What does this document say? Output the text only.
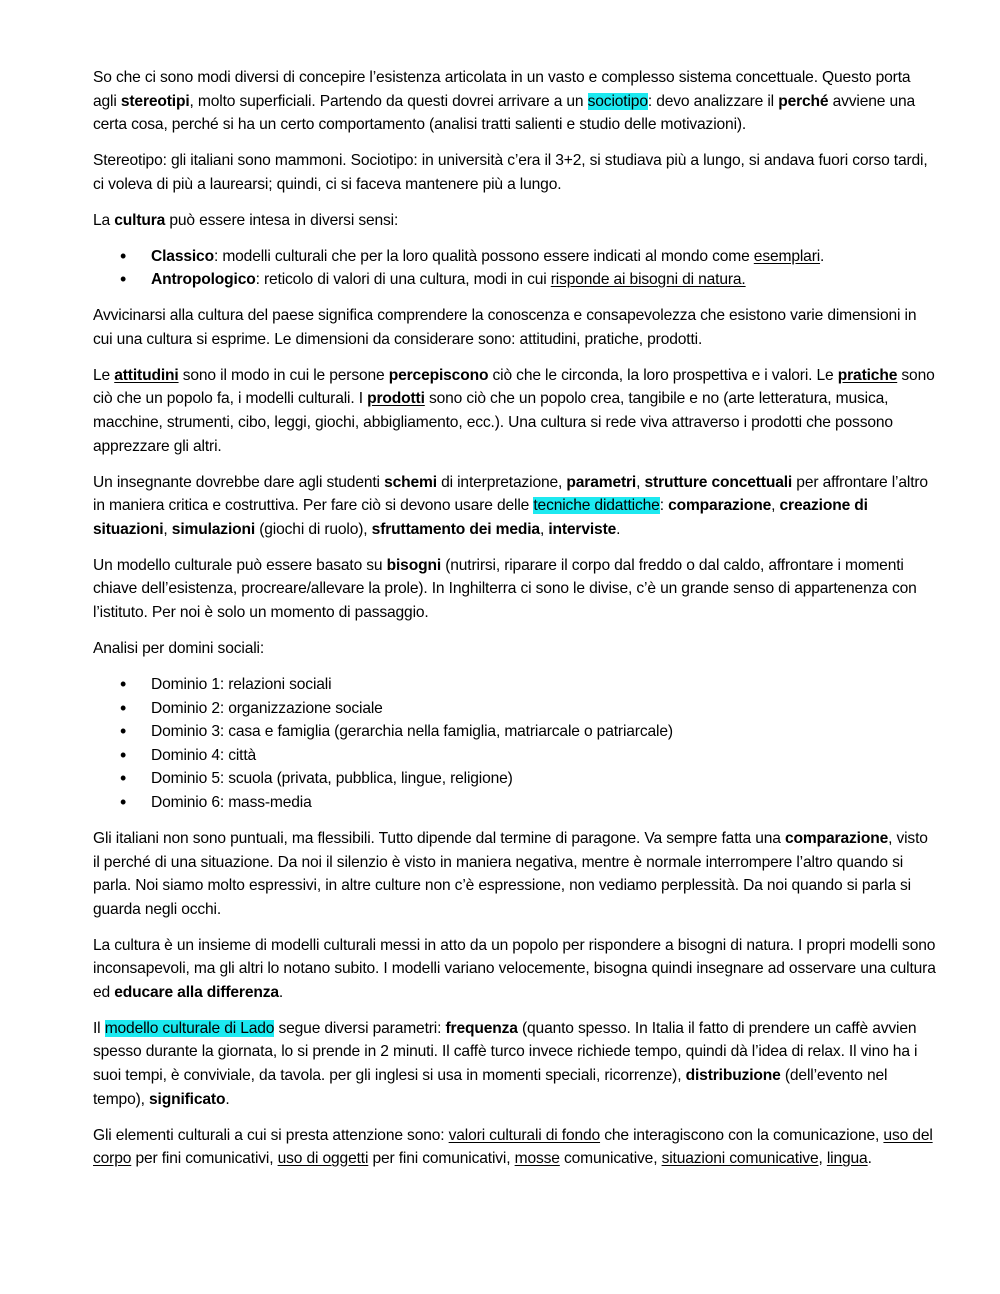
So che ci sono modi diversi di concepire l’esistenza articolata in un vasto e complesso sistema concettuale. Questo porta agli stereotipi, molto superficiali. Partendo da questi dovrei arrivare a un sociotipo: devo analizzare il perché avviene una certa cosa, perché si ha un certo comportamento (analisi tratti salienti e studio delle motivazioni).

Stereotipo: gli italiani sono mammoni. Sociotipo: in università c’era il 3+2, si studiava più a lungo, si andava fuori corso tardi, ci voleva di più a laurearsi; quindi, ci si faceva mantenere più a lungo.

La cultura può essere intesa in diversi sensi:

• Classico: modelli culturali che per la loro qualità possono essere indicati al mondo come esemplari.
• Antropologico: reticolo di valori di una cultura, modi in cui risponde ai bisogni di natura.

Avvicinarsi alla cultura del paese significa comprendere la conoscenza e consapevolezza che esistono varie dimensioni in cui una cultura si esprime. Le dimensioni da considerare sono: attitudini, pratiche, prodotti.

Le attitudini sono il modo in cui le persone percepiscono ciò che le circonda, la loro prospettiva e i valori. Le pratiche sono ciò che un popolo fa, i modelli culturali. I prodotti sono ciò che un popolo crea, tangibile e no (arte letteratura, musica, macchine, strumenti, cibo, leggi, giochi, abbigliamento, ecc.). Una cultura si rede viva attraverso i prodotti che possono apprezzare gli altri.

Un insegnante dovrebbe dare agli studenti schemi di interpretazione, parametri, strutture concettuali per affrontare l’altro in maniera critica e costruttiva. Per fare ciò si devono usare delle tecniche didattiche: comparazione, creazione di situazioni, simulazioni (giochi di ruolo), sfruttamento dei media, interviste.

Un modello culturale può essere basato su bisogni (nutrirsi, riparare il corpo dal freddo o dal caldo, affrontare i momenti chiave dell’esistenza, procreare/allevare la prole). In Inghilterra ci sono le divise, c’è un grande senso di appartenenza con l’istituto. Per noi è solo un momento di passaggio.

Analisi per domini sociali:

• Dominio 1: relazioni sociali
• Dominio 2: organizzazione sociale
• Dominio 3: casa e famiglia (gerarchia nella famiglia, matriarcale o patriarcale)
• Dominio 4: città
• Dominio 5: scuola (privata, pubblica, lingue, religione)
• Dominio 6: mass-media

Gli italiani non sono puntuali, ma flessibili. Tutto dipende dal termine di paragone. Va sempre fatta una comparazione, visto il perché di una situazione. Da noi il silenzio è visto in maniera negativa, mentre è normale interrompere l’altro quando si parla. Noi siamo molto espressivi, in altre culture non c’è espressione, non vediamo perplessità. Da noi quando si parla si guarda negli occhi.

La cultura è un insieme di modelli culturali messi in atto da un popolo per rispondere a bisogni di natura. I propri modelli sono inconsapevoli, ma gli altri lo notano subito. I modelli variano velocemente, bisogna quindi insegnare ad osservare una cultura ed educare alla differenza.

Il modello culturale di Lado segue diversi parametri: frequenza (quanto spesso. In Italia il fatto di prendere un caffè avvien spesso durante la giornata, lo si prende in 2 minuti. Il caffè turco invece richiede tempo, quindi dà l’idea di relax. Il vino ha i suoi tempi, è conviviale, da tavola. per gli inglesi si usa in momenti speciali, ricorrenze), distribuzione (dell’evento nel tempo), significato.

Gli elementi culturali a cui si presta attenzione sono: valori culturali di fondo che interagiscono con la comunicazione, uso del corpo per fini comunicativi, uso di oggetti per fini comunicativi, mosse comunicative, situazioni comunicative, lingua.
